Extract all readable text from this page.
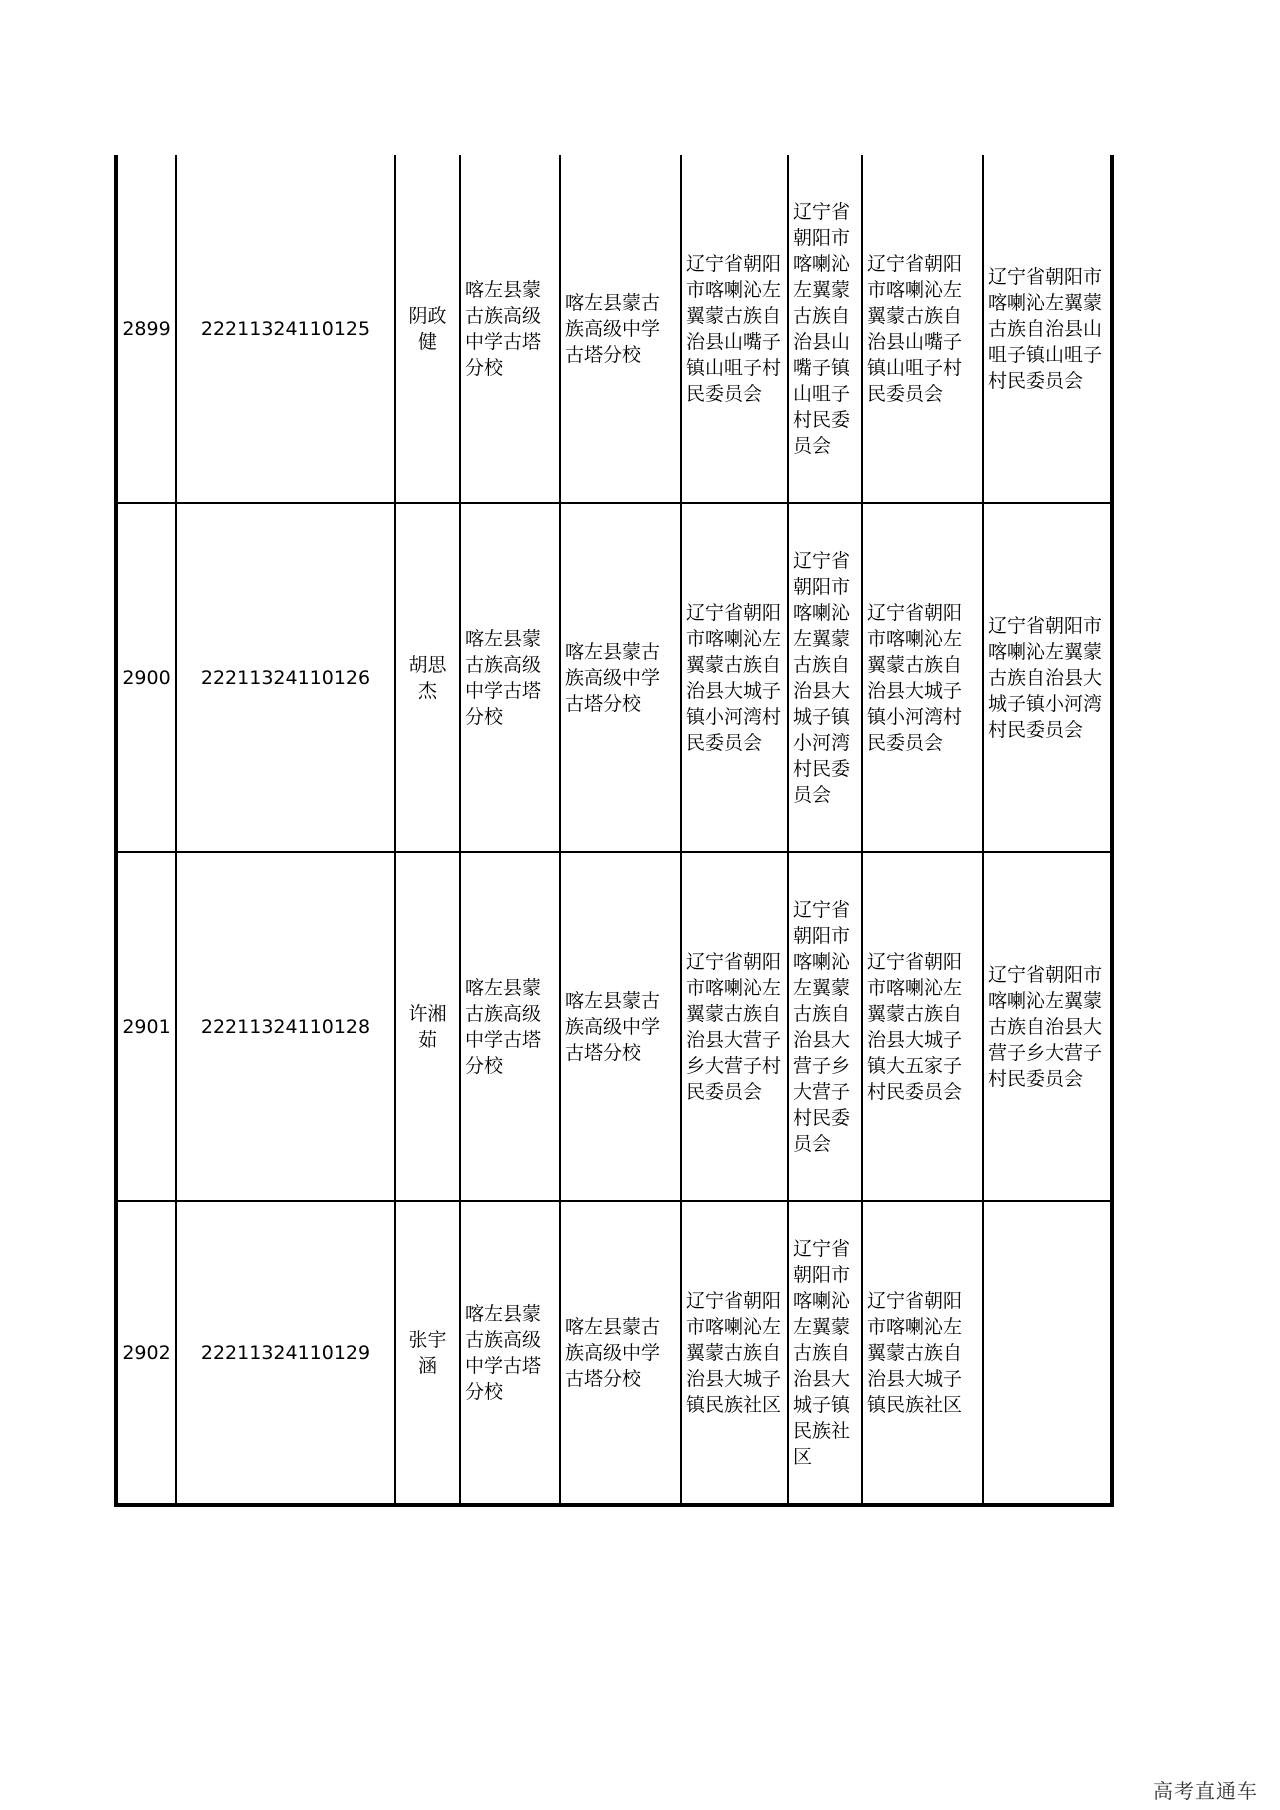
2899	22211324110125	阴政健	喀左县蒙古族高级中学古塔分校	喀左县蒙古族高级中学古塔分校	辽宁省朝阳市喀喇沁左翼蒙古族自治县山嘴子镇山咀子村民委员会	辽宁省朝阳市喀喇沁左翼蒙古族自治县山嘴子镇山咀子村民委员会	辽宁省朝阳市喀喇沁左翼蒙古族自治县山嘴子镇山咀子村民委员会	辽宁省朝阳市喀喇沁左翼蒙古族自治县山咀子镇山咀子村民委员会
2900	22211324110126	胡思杰	喀左县蒙古族高级中学古塔分校	喀左县蒙古族高级中学古塔分校	辽宁省朝阳市喀喇沁左翼蒙古族自治县大城子镇小河湾村民委员会	辽宁省朝阳市喀喇沁左翼蒙古族自治县大城子镇小河湾村民委员会	辽宁省朝阳市喀喇沁左翼蒙古族自治县大城子镇小河湾村民委员会	辽宁省朝阳市喀喇沁左翼蒙古族自治县大城子镇小河湾村民委员会
2901	22211324110128	许湘茹	喀左县蒙古族高级中学古塔分校	喀左县蒙古族高级中学古塔分校	辽宁省朝阳市喀喇沁左翼蒙古族自治县大营子乡大营子村民委员会	辽宁省朝阳市喀喇沁左翼蒙古族自治县大营子乡大营子村民委员会	辽宁省朝阳市喀喇沁左翼蒙古族自治县大城子镇大五家子村民委员会	辽宁省朝阳市喀喇沁左翼蒙古族自治县大营子乡大营子村民委员会
2902	22211324110129	张宇涵	喀左县蒙古族高级中学古塔分校	喀左县蒙古族高级中学古塔分校	辽宁省朝阳市喀喇沁左翼蒙古族自治县大城子镇民族社区	辽宁省朝阳市喀喇沁左翼蒙古族自治县大城子镇民族社区	辽宁省朝阳市喀喇沁左翼蒙古族自治县大城子镇民族社区	
高考直通车
